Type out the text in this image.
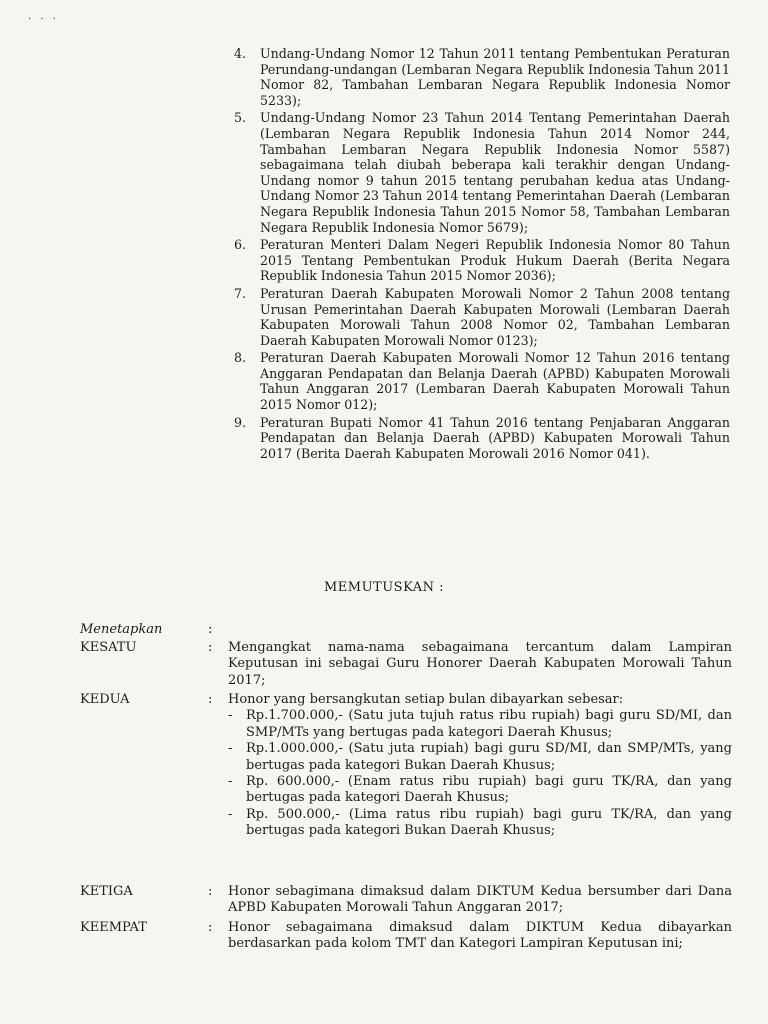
· · ·
4. Undang-Undang Nomor 12 Tahun 2011 tentang Pembentukan Peraturan Perundang-undangan (Lembaran Negara Republik Indonesia Tahun 2011 Nomor 82, Tambahan Lembaran Negara Republik Indonesia Nomor 5233);
5. Undang-Undang Nomor 23 Tahun 2014 Tentang Pemerintahan Daerah (Lembaran Negara Republik Indonesia Tahun 2014 Nomor 244, Tambahan Lembaran Negara Republik Indonesia Nomor 5587) sebagaimana telah diubah beberapa kali terakhir dengan Undang-Undang nomor 9 tahun 2015 tentang perubahan kedua atas Undang-Undang Nomor 23 Tahun 2014 tentang Pemerintahan Daerah (Lembaran Negara Republik Indonesia Tahun 2015 Nomor 58, Tambahan Lembaran Negara Republik Indonesia Nomor 5679);
6. Peraturan Menteri Dalam Negeri Republik Indonesia Nomor 80 Tahun 2015 Tentang Pembentukan Produk Hukum Daerah (Berita Negara Republik Indonesia Tahun 2015 Nomor 2036);
7. Peraturan Daerah Kabupaten Morowali Nomor 2 Tahun 2008 tentang Urusan Pemerintahan Daerah Kabupaten Morowali (Lembaran Daerah Kabupaten Morowali Tahun 2008 Nomor 02, Tambahan Lembaran Daerah Kabupaten Morowali Nomor 0123);
8. Peraturan Daerah Kabupaten Morowali Nomor 12 Tahun 2016 tentang Anggaran Pendapatan dan Belanja Daerah (APBD) Kabupaten Morowali Tahun Anggaran 2017 (Lembaran Daerah Kabupaten Morowali Tahun 2015 Nomor 012);
9. Peraturan Bupati Nomor 41 Tahun 2016 tentang Penjabaran Anggaran Pendapatan dan Belanja Daerah (APBD) Kabupaten Morowali Tahun 2017 (Berita Daerah Kabupaten Morowali 2016 Nomor 041).
MEMUTUSKAN :
Menetapkan	:
KESATU	: Mengangkat nama-nama sebagaimana tercantum dalam Lampiran Keputusan ini sebagai Guru Honorer Daerah Kabupaten Morowali Tahun 2017;
KEDUA	: Honor yang bersangkutan setiap bulan dibayarkan sebesar:
- Rp.1.700.000,- (Satu juta tujuh ratus ribu rupiah) bagi guru SD/MI, dan SMP/MTs yang bertugas pada kategori Daerah Khusus;
- Rp.1.000.000,- (Satu juta rupiah) bagi guru SD/MI, dan SMP/MTs, yang bertugas pada kategori Bukan Daerah Khusus;
- Rp. 600.000,- (Enam ratus ribu rupiah) bagi guru TK/RA, dan yang bertugas pada kategori Daerah Khusus;
- Rp. 500.000,- (Lima ratus ribu rupiah) bagi guru TK/RA, dan yang bertugas pada kategori Bukan Daerah Khusus;
KETIGA	: Honor sebagimana dimaksud dalam DIKTUM Kedua bersumber dari Dana APBD Kabupaten Morowali Tahun Anggaran 2017;
KEEMPAT	: Honor sebagaimana dimaksud dalam DIKTUM Kedua dibayarkan berdasarkan pada kolom TMT dan Kategori Lampiran Keputusan ini;
